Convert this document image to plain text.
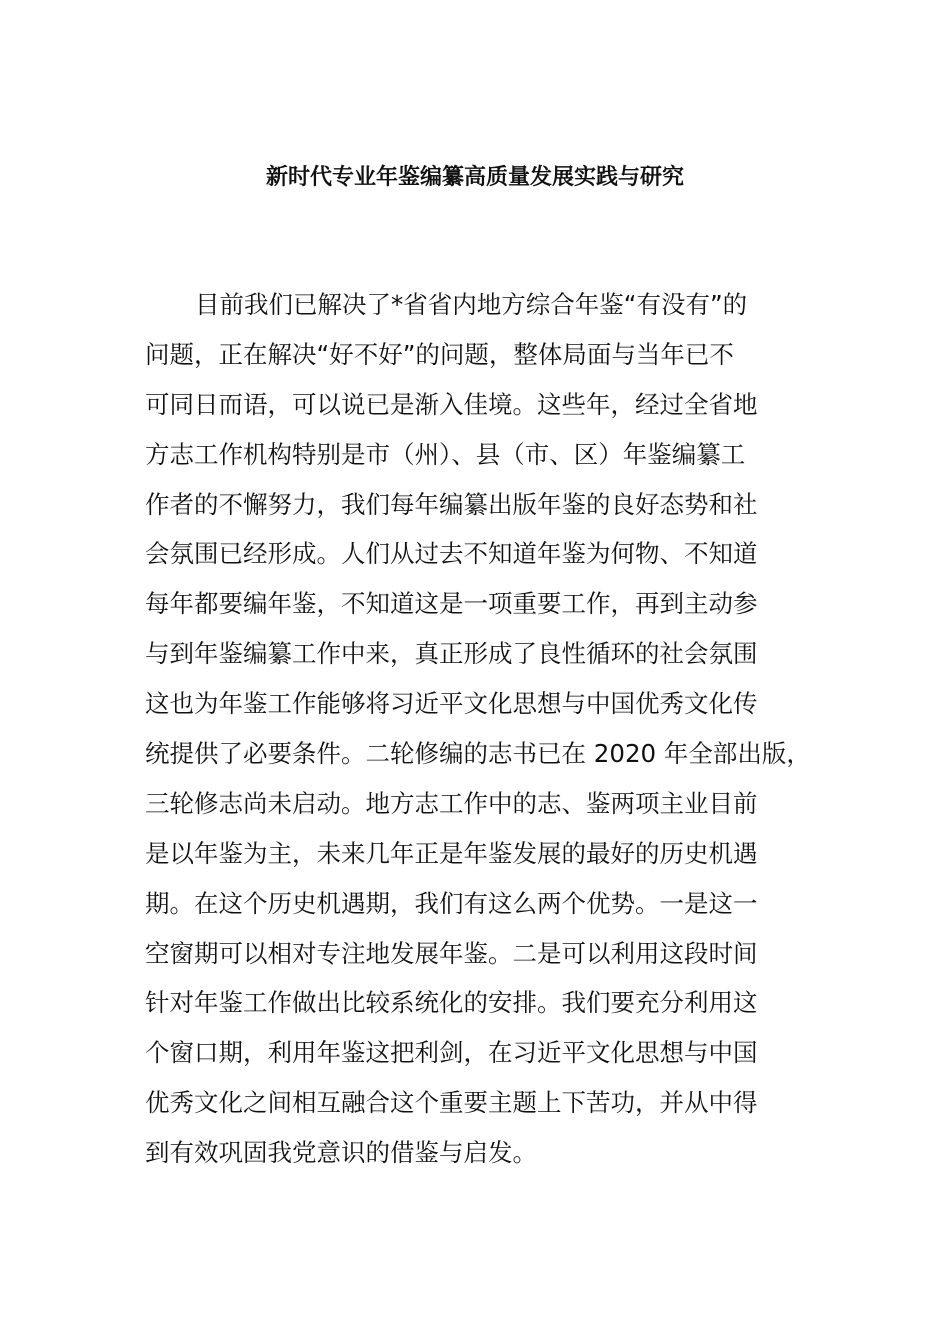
新时代专业年鉴编纂高质量发展实践与研究
目前我们已解决了*省省内地方综合年鉴“有没有”的
问题，正在解决“好不好”的问题，整体局面与当年已不
可同日而语，可以说已是渐入佳境。这些年，经过全省地
方志工作机构特别是市（州）、县（市、区）年鉴编纂工
作者的不懈努力，我们每年编纂出版年鉴的良好态势和社
会氛围已经形成。人们从过去不知道年鉴为何物、不知道
每年都要编年鉴，不知道这是一项重要工作，再到主动参
与到年鉴编纂工作中来，真正形成了良性循环的社会氛围
这也为年鉴工作能够将习近平文化思想与中国优秀文化传
统提供了必要条件。二轮修编的志书已在 2020 年全部出版，
三轮修志尚未启动。地方志工作中的志、鉴两项主业目前
是以年鉴为主，未来几年正是年鉴发展的最好的历史机遇
期。在这个历史机遇期，我们有这么两个优势。一是这一
空窗期可以相对专注地发展年鉴。二是可以利用这段时间
针对年鉴工作做出比较系统化的安排。我们要充分利用这
个窗口期，利用年鉴这把利剑，在习近平文化思想与中国
优秀文化之间相互融合这个重要主题上下苦功，并从中得
到有效巩固我党意识的借鉴与启发。
